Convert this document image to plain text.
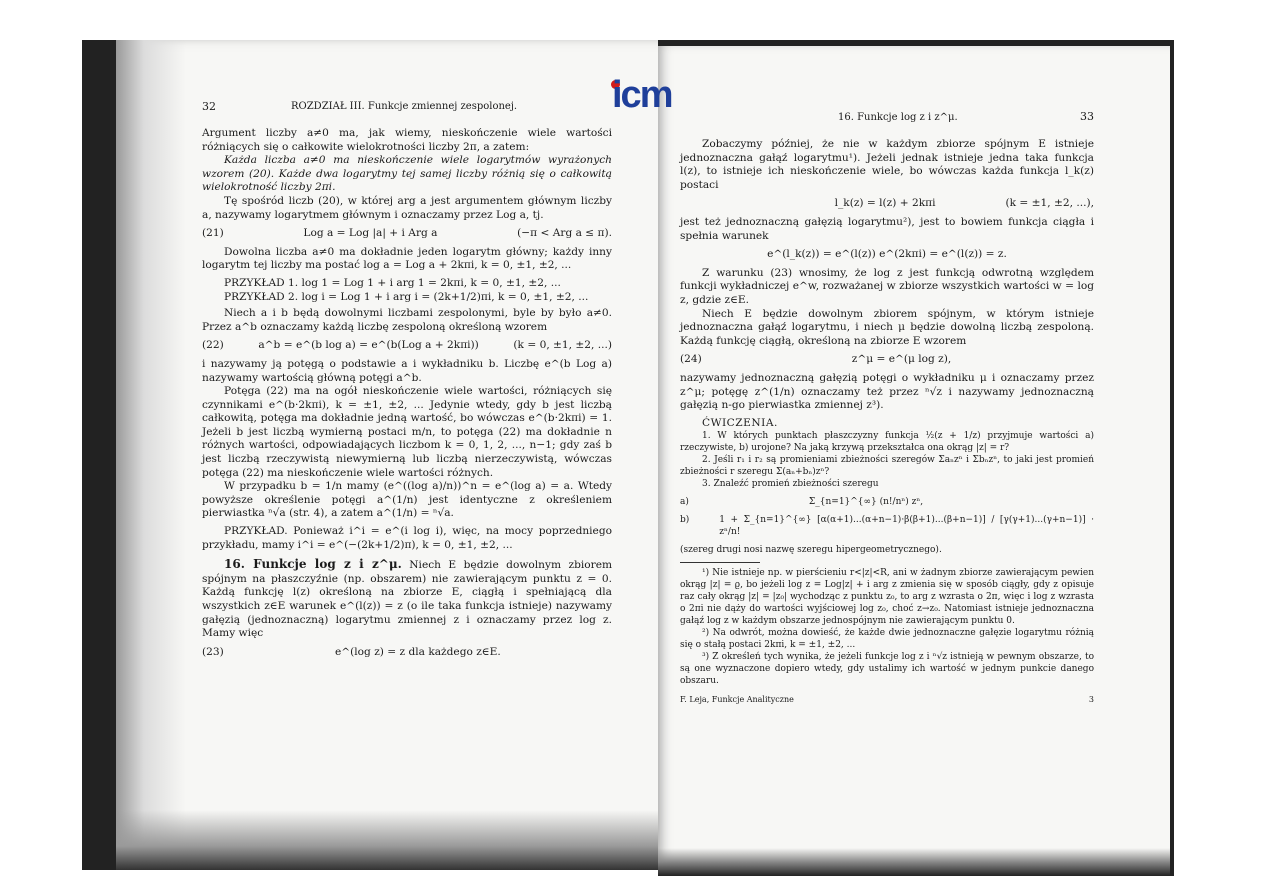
icm
32	ROZDZIAŁ III. Funkcje zmiennej zespolonej.

Argument liczby a≠0 ma, jak wiemy, nieskończenie wiele wartości różniących się o całkowite wielokrotności liczby 2π, a zatem:

Każda liczba a≠0 ma nieskończenie wiele logarytmów wyrażonych wzorem (20). Każde dwa logarytmy tej samej liczby różnią się o całkowitą wielokrotność liczby 2πi.

Tę spośród liczb (20), w której arg a jest argumentem głównym liczby a, nazywamy logarytmem głównym i oznaczamy przez Log a, tj.

(21)	Log a = Log |a| + i Arg a	(−π < Arg a ≤ π).

Dowolna liczba a≠0 ma dokładnie jeden logarytm główny; każdy inny logarytm tej liczby ma postać log a = Log a + 2kπi, k = 0, ±1, ±2, ...

PRZYKŁAD 1. log 1 = Log 1 + i arg 1 = 2kπi, k = 0, ±1, ±2, ...

PRZYKŁAD 2. log i = Log 1 + i arg i = (2k+1/2)πi, k = 0, ±1, ±2, ...

Niech a i b będą dowolnymi liczbami zespolonymi, byle by było a≠0. Przez a^b oznaczamy każdą liczbę zespoloną określoną wzorem

(22)	a^b = e^(b log a) = e^(b(Log a + 2kπi))	(k = 0, ±1, ±2, ...)

i nazywamy ją potęgą o podstawie a i wykładniku b. Liczbę e^(b Log a) nazywamy wartością główną potęgi a^b.

Potęga (22) ma na ogół nieskończenie wiele wartości, różniących się czynnikami e^(b·2kπi), k = ±1, ±2, ... Jedynie wtedy, gdy b jest liczbą całkowitą, potęga ma dokładnie jedną wartość, bo wówczas e^(b·2kπi) = 1. Jeżeli b jest liczbą wymierną postaci m/n, to potęga (22) ma dokładnie n różnych wartości, odpowiadających liczbom k = 0, 1, 2, ..., n−1; gdy zaś b jest liczbą rzeczywistą niewymierną lub liczbą nierzeczywistą, wówczas potęga (22) ma nieskończenie wiele wartości różnych.

W przypadku b = 1/n mamy (e^((log a)/n))^n = e^(log a) = a. Wtedy powyższe określenie potęgi a^(1/n) jest identyczne z określeniem pierwiastka ⁿ√a (str. 4), a zatem a^(1/n) = ⁿ√a.

PRZYKŁAD. Ponieważ i^i = e^(i log i), więc, na mocy poprzedniego przykładu, mamy i^i = e^(−(2k+1/2)π), k = 0, ±1, ±2, ...

16. Funkcje log z i z^μ. Niech E będzie dowolnym zbiorem spójnym na płaszczyźnie (np. obszarem) nie zawierającym punktu z = 0. Każdą funkcję l(z) określoną na zbiorze E, ciągłą i spełniającą dla wszystkich z∈E warunek e^(l(z)) = z (o ile taka funkcja istnieje) nazywamy gałęzią (jednoznaczną) logarytmu zmiennej z i oznaczamy przez log z. Mamy więc

(23)	e^(log z) = z dla każdego z∈E.
16. Funkcje log z i z^μ.	33

Zobaczymy później, że nie w każdym zbiorze spójnym E istnieje jednoznaczna gałąź logarytmu¹). Jeżeli jednak istnieje jedna taka funkcja l(z), to istnieje ich nieskończenie wiele, bo wówczas każda funkcja l_k(z) postaci

l_k(z) = l(z) + 2kπi	(k = ±1, ±2, ...),

jest też jednoznaczną gałęzią logarytmu²), jest to bowiem funkcja ciągła i spełnia warunek

e^(l_k(z)) = e^(l(z)) e^(2kπi) = e^(l(z)) = z.

Z warunku (23) wnosimy, że log z jest funkcją odwrotną względem funkcji wykładniczej e^w, rozważanej w zbiorze wszystkich wartości w = log z, gdzie z∈E.

Niech E będzie dowolnym zbiorem spójnym, w którym istnieje jednoznaczna gałąź logarytmu, i niech μ będzie dowolną liczbą zespoloną. Każdą funkcję ciągłą, określoną na zbiorze E wzorem

(24)	z^μ = e^(μ log z),

nazywamy jednoznaczną gałęzią potęgi o wykładniku μ i oznaczamy przez z^μ; potęgę z^(1/n) oznaczamy też przez ⁿ√z i nazywamy jednoznaczną gałęzią n-go pierwiastka zmiennej z³).

ĆWICZENIA.

1. W których punktach płaszczyzny funkcja ½(z + 1/z) przyjmuje wartości a) rzeczywiste, b) urojone? Na jaką krzywą przekształca ona okrąg |z| = r?

2. Jeśli r₁ i r₂ są promieniami zbieżności szeregów Σaₙzⁿ i Σbₙzⁿ, to jaki jest promień zbieżności r szeregu Σ(aₙ+bₙ)zⁿ?

3. Znaleźć promień zbieżności szeregu

a)	Σ_{n=1}^{∞} (n!/nⁿ) zⁿ,
b)	1 + Σ_{n=1}^{∞} [α(α+1)...(α+n−1)·β(β+1)...(β+n−1)] / [γ(γ+1)...(γ+n−1)] · zⁿ/n!

(szereg drugi nosi nazwę szeregu hipergeometrycznego).

¹) Nie istnieje np. w pierścieniu r<|z|<R, ani w żadnym zbiorze zawierającym pewien okrąg |z| = ϱ, bo jeżeli log z = Log|z| + i arg z zmienia się w sposób ciągły, gdy z opisuje raz cały okrąg |z| = |z₀| wychodząc z punktu z₀, to arg z wzrasta o 2π, więc i log z wzrasta o 2πi nie dąży do wartości wyjściowej log z₀, choć z→z₀. Natomiast istnieje jednoznaczna gałąź log z w każdym obszarze jednospójnym nie zawierającym punktu 0.

²) Na odwrót, można dowieść, że każde dwie jednoznaczne gałęzie logarytmu różnią się o stałą postaci 2kπi, k = ±1, ±2, ...

³) Z określeń tych wynika, że jeżeli funkcje log z i ⁿ√z istnieją w pewnym obszarze, to są one wyznaczone dopiero wtedy, gdy ustalimy ich wartość w jednym punkcie danego obszaru.

F. Leja, Funkcje Analityczne	3
